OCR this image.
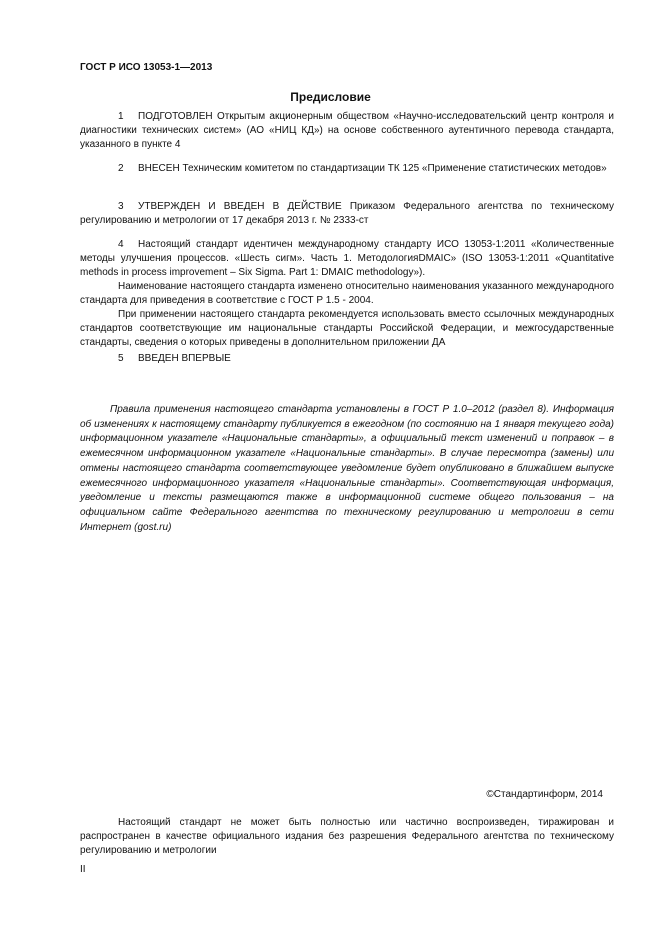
ГОСТ Р ИСО 13053-1—2013
Предисловие

1 ПОДГОТОВЛЕН Открытым акционерным обществом «Научно-исследовательский центр контроля и диагностики технических систем» (АО «НИЦ КД») на основе собственного аутентичного перевода стандарта, указанного в пункте 4

2 ВНЕСЕН Техническим комитетом по стандартизации ТК 125 «Применение статистических методов»

3 УТВЕРЖДЕН И ВВЕДЕН В ДЕЙСТВИЕ Приказом Федерального агентства по техническому регулированию и метрологии от 17 декабря 2013 г. № 2333-ст

4 Настоящий стандарт идентичен международному стандарту ИСО 13053-1:2011 «Количественные методы улучшения процессов. «Шесть сигм». Часть 1. МетодологияDMAIC» (ISO 13053-1:2011 «Quantitative methods in process improvement – Six Sigma. Part 1: DMAIC methodology»).

Наименование настоящего стандарта изменено относительно наименования указанного международного стандарта для приведения в соответствие с ГОСТ Р 1.5 - 2004.

При применении настоящего стандарта рекомендуется использовать вместо ссылочных международных стандартов соответствующие им национальные стандарты Российской Федерации, и межгосударственные стандарты, сведения о которых приведены в дополнительном приложении ДА

5 ВВЕДЕН ВПЕРВЫЕ

Правила применения настоящего стандарта установлены в ГОСТ Р 1.0–2012 (раздел 8). Информация об изменениях к настоящему стандарту публикуется в ежегодном (по состоянию на 1 января текущего года) информационном указателе «Национальные стандарты», а официальный текст изменений и поправок – в ежемесячном информационном указателе «Национальные стандарты». В случае пересмотра (замены) или отмены настоящего стандарта соответствующее уведомление будет опубликовано в ближайшем выпуске ежемесячного информационного указателя «Национальные стандарты». Соответствующая информация, уведомление и тексты размещаются также в информационной системе общего пользования – на официальном сайте Федерального агентства по техническому регулированию и метрологии в сети Интернет (gost.ru)
©Стандартинформ, 2014
Настоящий стандарт не может быть полностью или частично воспроизведен, тиражирован и распространен в качестве официального издания без разрешения Федерального агентства по техническому регулированию и метрологии
II
